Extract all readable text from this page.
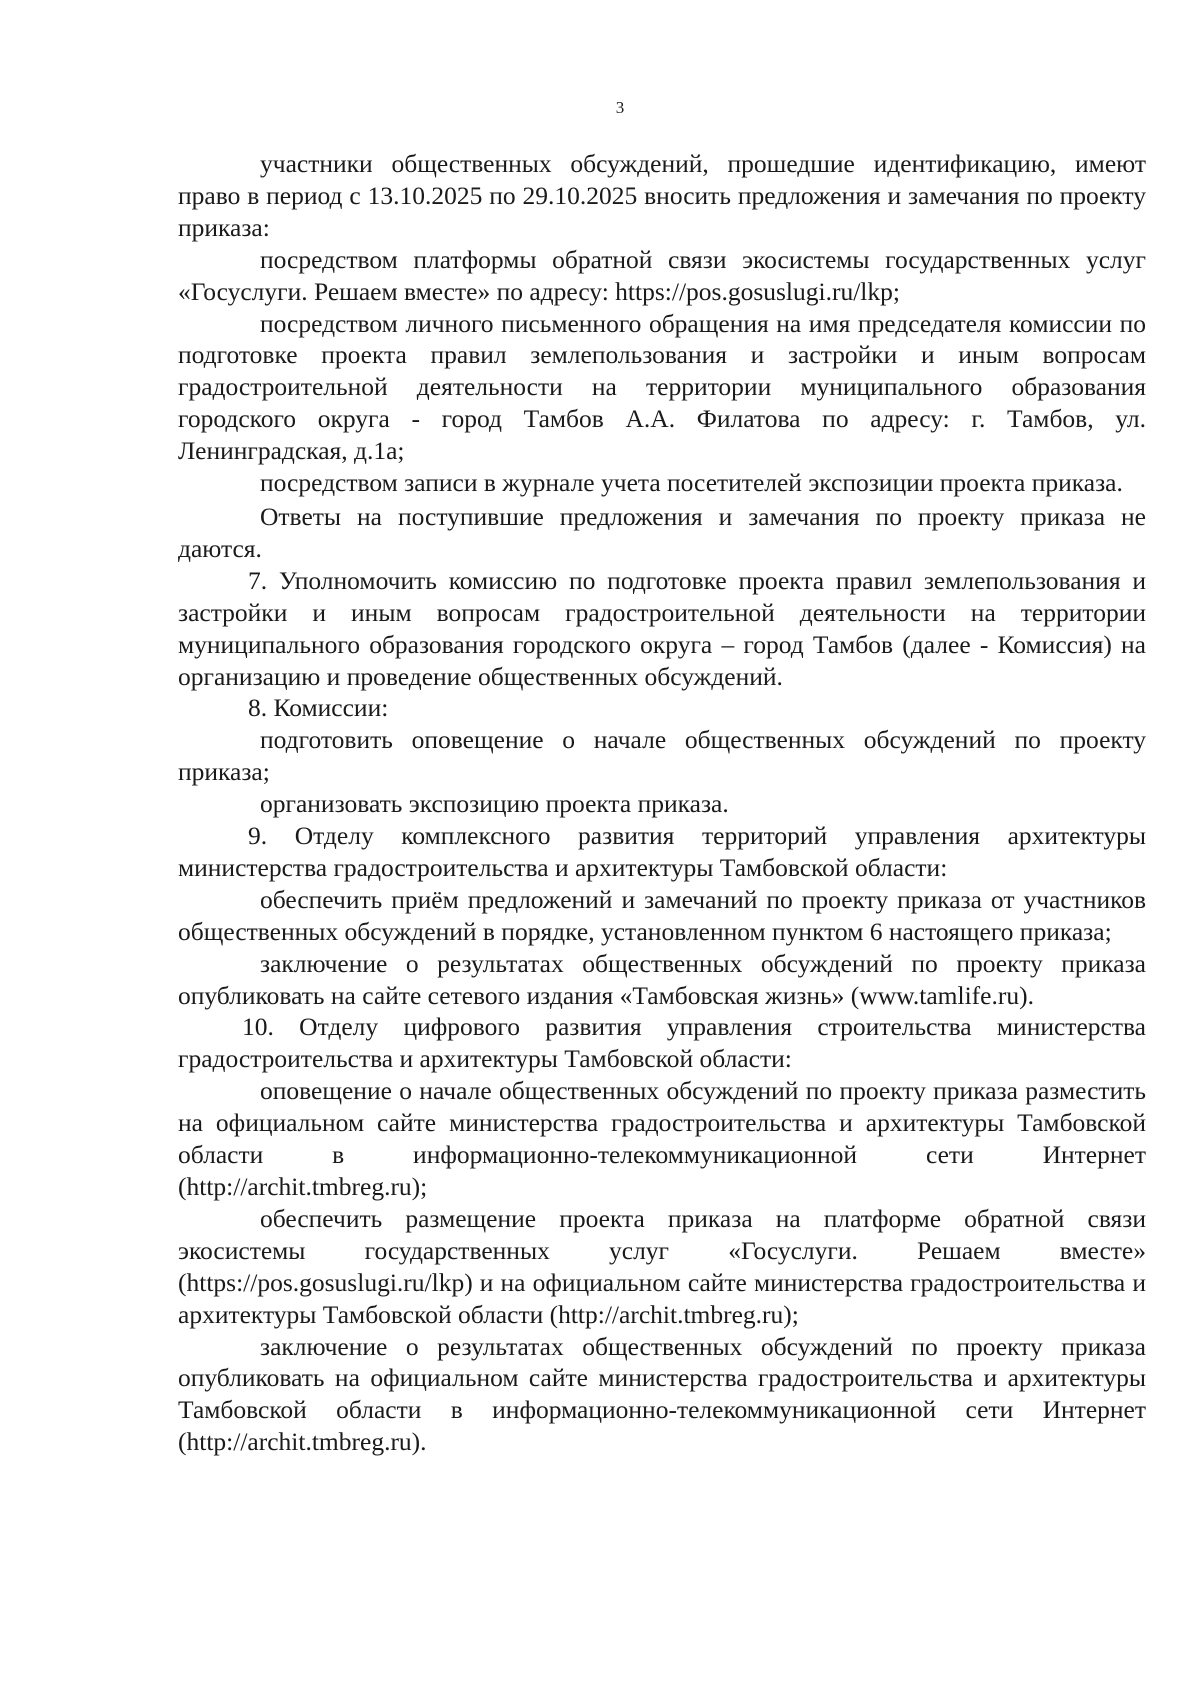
3

участники общественных обсуждений, прошедшие идентификацию, имеют право в период с 13.10.2025 по 29.10.2025 вносить предложения и замечания по проекту приказа:

посредством платформы обратной связи экосистемы государственных услуг «Госуслуги. Решаем вместе» по адресу: https://pos.gosuslugi.ru/lkp;

посредством личного письменного обращения на имя председателя комиссии по подготовке проекта правил землепользования и застройки и иным вопросам градостроительной деятельности на территории муниципального образования городского округа - город Тамбов А.А. Филатова по адресу: г. Тамбов, ул. Ленинградская, д.1а;

посредством записи в журнале учета посетителей экспозиции проекта приказа.

Ответы на поступившие предложения и замечания по проекту приказа не даются.

7. Уполномочить комиссию по подготовке проекта правил землепользования и застройки и иным вопросам градостроительной деятельности на территории муниципального образования городского округа – город Тамбов (далее - Комиссия) на организацию и проведение общественных обсуждений.

8. Комиссии:

подготовить оповещение о начале общественных обсуждений по проекту приказа;

организовать экспозицию проекта приказа.

9. Отделу комплексного развития территорий управления архитектуры министерства градостроительства и архитектуры Тамбовской области:

обеспечить приём предложений и замечаний по проекту приказа от участников общественных обсуждений в порядке, установленном пунктом 6 настоящего приказа;

заключение о результатах общественных обсуждений по проекту приказа опубликовать на сайте сетевого издания «Тамбовская жизнь» (www.tamlife.ru).

10. Отделу цифрового развития управления строительства министерства градостроительства и архитектуры Тамбовской области:

оповещение о начале общественных обсуждений по проекту приказа разместить на официальном сайте министерства градостроительства и архитектуры Тамбовской области в информационно-телекоммуникационной сети Интернет (http://archit.tmbreg.ru);

обеспечить размещение проекта приказа на платформе обратной связи экосистемы государственных услуг «Госуслуги. Решаем вместе» (https://pos.gosuslugi.ru/lkp) и на официальном сайте министерства градостроительства и архитектуры Тамбовской области (http://archit.tmbreg.ru);

заключение о результатах общественных обсуждений по проекту приказа опубликовать на официальном сайте министерства градостроительства и архитектуры Тамбовской области в информационно-телекоммуникационной сети Интернет (http://archit.tmbreg.ru).
